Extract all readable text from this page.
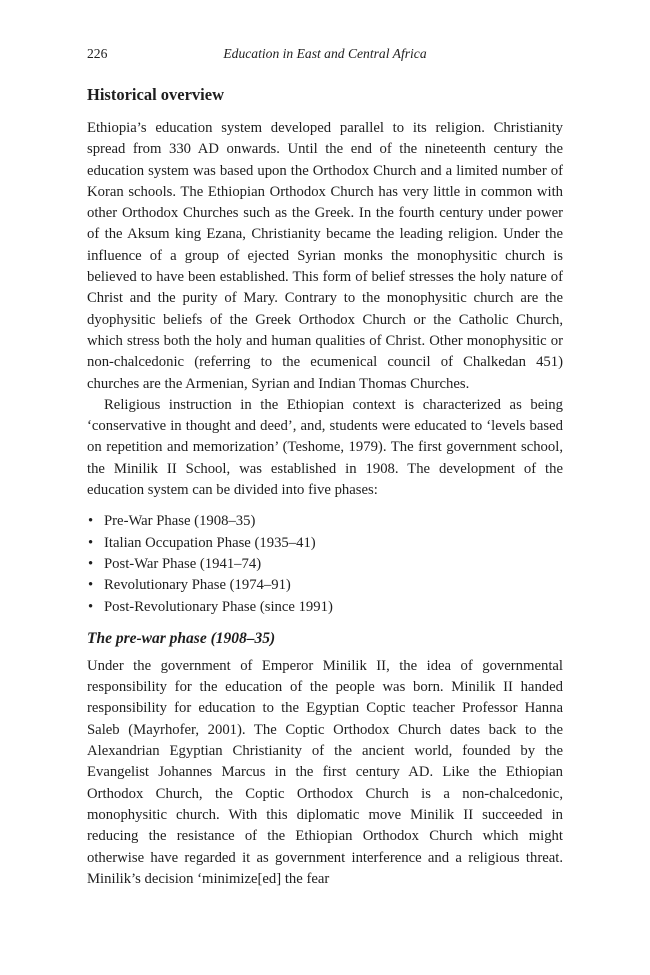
226	Education in East and Central Africa
Historical overview

Ethiopia’s education system developed parallel to its religion. Christianity spread from 330 AD onwards. Until the end of the nineteenth century the education system was based upon the Orthodox Church and a limited number of Koran schools. The Ethiopian Orthodox Church has very little in common with other Orthodox Churches such as the Greek. In the fourth century under power of the Aksum king Ezana, Christianity became the leading religion. Under the influence of a group of ejected Syrian monks the monophysitic church is believed to have been established. This form of belief stresses the holy nature of Christ and the purity of Mary. Contrary to the monophysitic church are the dyophysitic beliefs of the Greek Orthodox Church or the Catholic Church, which stress both the holy and human qualities of Christ. Other monophysitic or non-chalcedonic (referring to the ecumenical council of Chalkedan 451) churches are the Armenian, Syrian and Indian Thomas Churches.

Religious instruction in the Ethiopian context is characterized as being ‘conservative in thought and deed’, and, students were educated to ‘levels based on repetition and memorization’ (Teshome, 1979). The first government school, the Minilik II School, was established in 1908. The development of the education system can be divided into five phases:

• Pre-War Phase (1908–35)
• Italian Occupation Phase (1935–41)
• Post-War Phase (1941–74)
• Revolutionary Phase (1974–91)
• Post-Revolutionary Phase (since 1991)
The pre-war phase (1908–35)

Under the government of Emperor Minilik II, the idea of governmental responsibility for the education of the people was born. Minilik II handed responsibility for education to the Egyptian Coptic teacher Professor Hanna Saleb (Mayrhofer, 2001). The Coptic Orthodox Church dates back to the Alexandrian Egyptian Christianity of the ancient world, founded by the Evangelist Johannes Marcus in the first century AD. Like the Ethiopian Orthodox Church, the Coptic Orthodox Church is a non-chalcedonic, monophysitic church. With this diplomatic move Minilik II succeeded in reducing the resistance of the Ethiopian Orthodox Church which might otherwise have regarded it as government interference and a religious threat. Minilik’s decision ‘minimize[ed] the fear
